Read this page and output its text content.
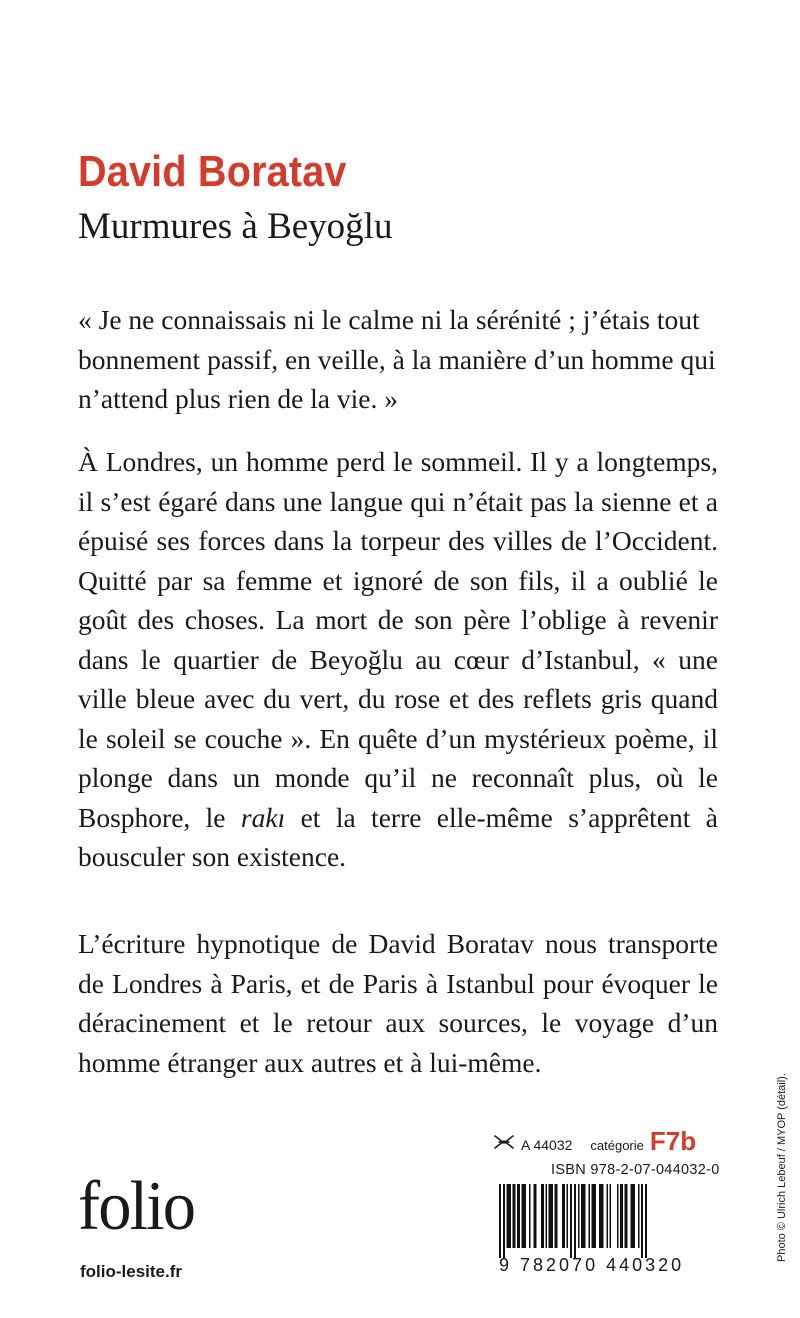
David Boratav
Murmures à Beyoğlu

« Je ne connaissais ni le calme ni la sérénité ; j’étais tout bonnement passif, en veille, à la manière d’un homme qui n’attend plus rien de la vie. »

À Londres, un homme perd le sommeil. Il y a longtemps, il s’est égaré dans une langue qui n’était pas la sienne et a épuisé ses forces dans la torpeur des villes de l’Occident. Quitté par sa femme et ignoré de son fils, il a oublié le goût des choses. La mort de son père l’oblige à revenir dans le quartier de Beyoğlu au cœur d’Istanbul, « une ville bleue avec du vert, du rose et des reflets gris quand le soleil se couche ». En quête d’un mystérieux poème, il plonge dans un monde qu’il ne reconnaît plus, où le Bosphore, le rakı et la terre elle-même s’apprêtent à bousculer son existence.

L’écriture hypnotique de David Boratav nous transporte de Londres à Paris, et de Paris à Istanbul pour évoquer le déracinement et le retour aux sources, le voyage d’un homme étranger aux autres et à lui-même.

A 44032 catégorie F7b
ISBN 978-2-07-044032-0
9 782070 440320
folio
folio-lesite.fr
Photo © Ulrich Lebeuf / MYOP (détail).
